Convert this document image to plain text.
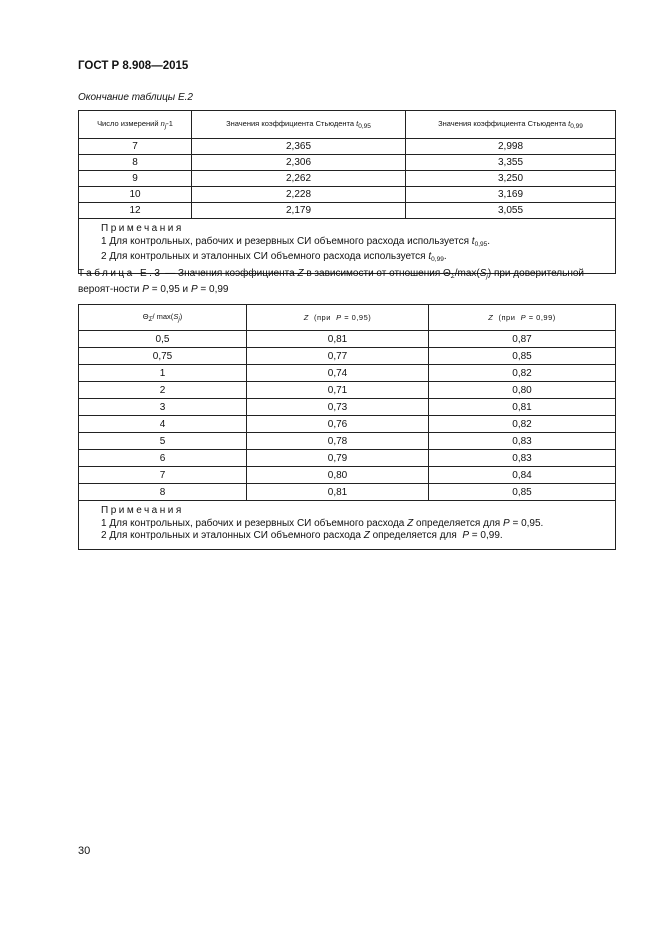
ГОСТ Р 8.908—2015
Окончание таблицы Е.2
Число измерений $n_j-1$	Значения коэффициента Стьюдента $t_{0,95}$	Значения коэффициента Стьюдента $t_{0,99}$
7	2,365	2,998
8	2,306	3,355
9	2,262	3,250
10	2,228	3,169
12	2,179	3,055

Примечания
1 Для контрольных, рабочих и резервных СИ объемного расхода используется $t_{0,95}$.
2 Для контрольных и эталонных СИ объемного расхода используется $t_{0,99}$.		
Таблица Е.3 — Значения коэффициента Z в зависимости от отношения $\Theta_\Sigma/\max(S_j)$ при доверительной вероят-ности P = 0,95 и P = 0,99
$\Theta_\Sigma/$ $\max(S_j)$	Z  (при  P = 0,95)	Z  (при  P = 0,99)
0,5	0,81	0,87
0,75	0,77	0,85
1	0,74	0,82
2	0,71	0,80
3	0,73	0,81
4	0,76	0,82
5	0,78	0,83
6	0,79	0,83
7	0,80	0,84
8	0,81	0,85

Примечания
1 Для контрольных, рабочих и резервных СИ объемного расхода Z определяется для P = 0,95.
2 Для контрольных и эталонных СИ объемного расхода Z определяется для  P = 0,99.		
30
